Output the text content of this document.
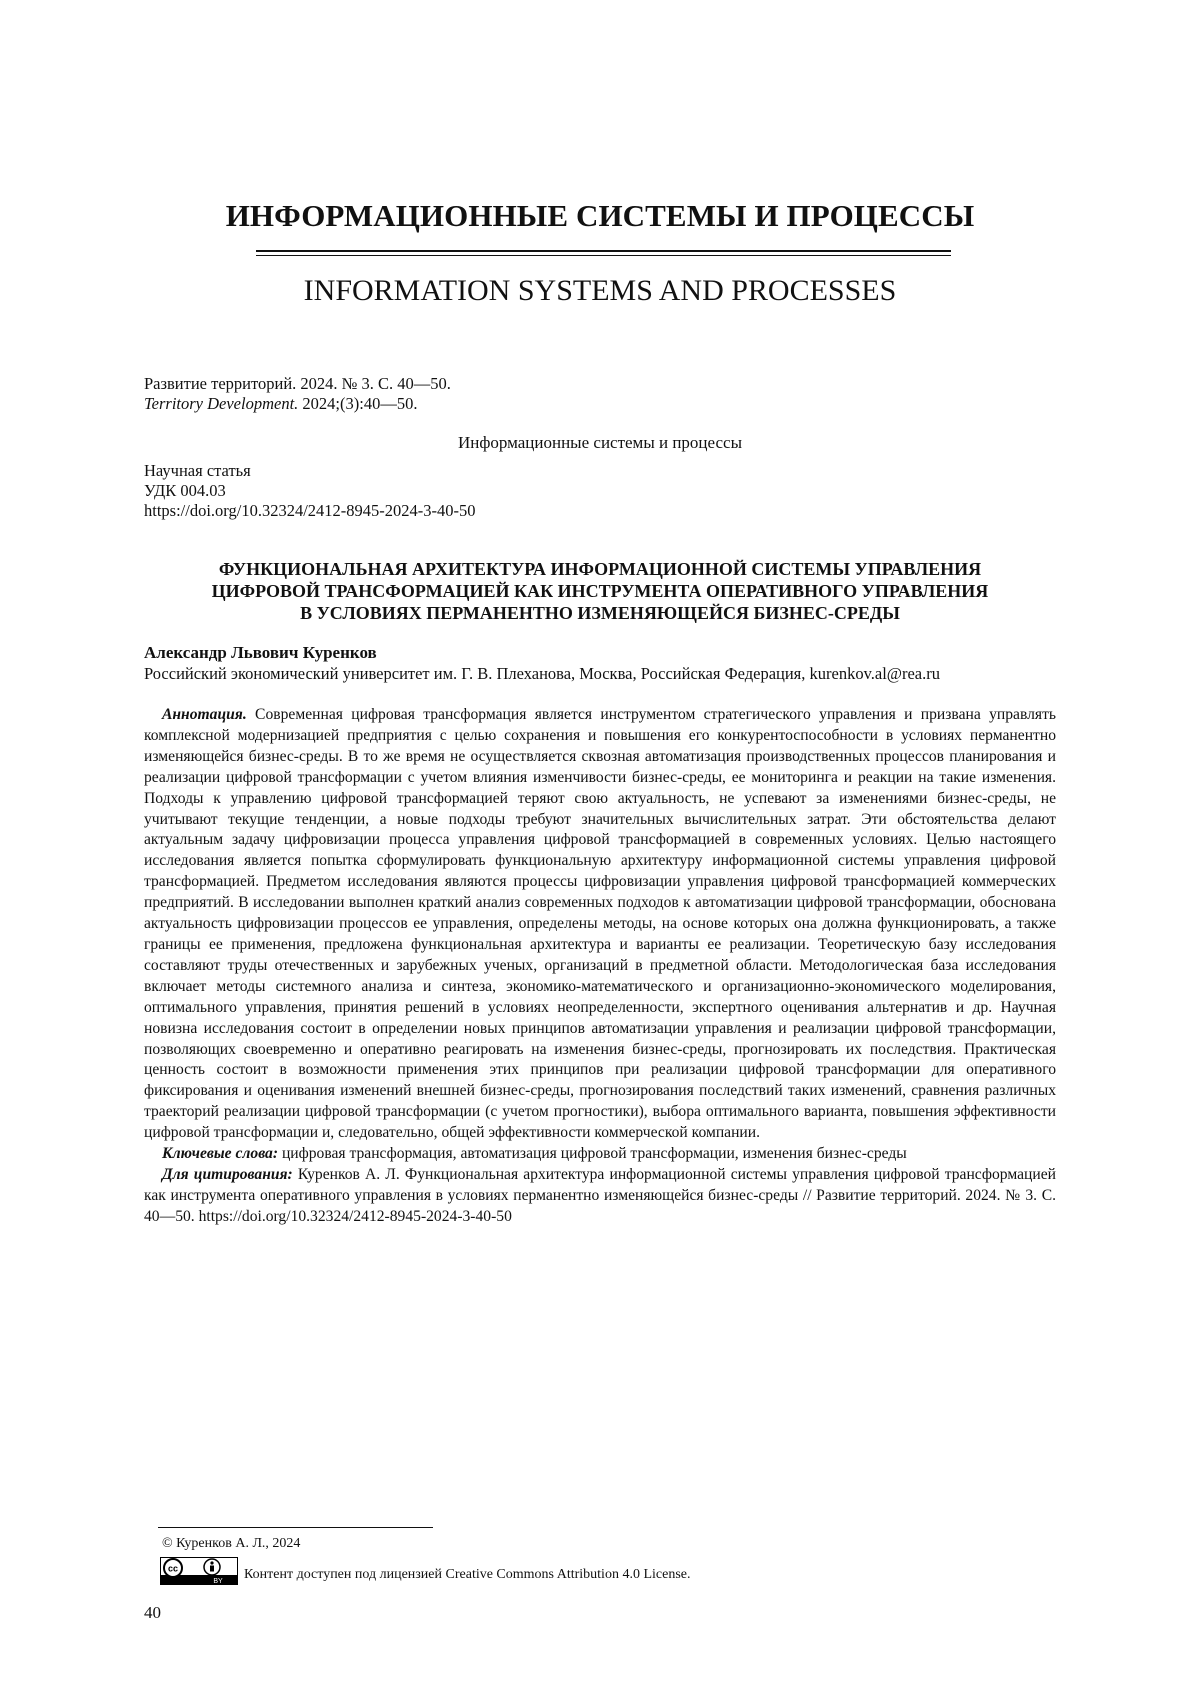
ИНФОРМАЦИОННЫЕ СИСТЕМЫ И ПРОЦЕССЫ
INFORMATION SYSTEMS AND PROCESSES
Развитие территорий. 2024. № 3. С. 40—50.
Territory Development. 2024;(3):40—50.
Информационные системы и процессы
Научная статья
УДК 004.03
https://doi.org/10.32324/2412-8945-2024-3-40-50
ФУНКЦИОНАЛЬНАЯ АРХИТЕКТУРА ИНФОРМАЦИОННОЙ СИСТЕМЫ УПРАВЛЕНИЯ
ЦИФРОВОЙ ТРАНСФОРМАЦИЕЙ КАК ИНСТРУМЕНТА ОПЕРАТИВНОГО УПРАВЛЕНИЯ
В УСЛОВИЯХ ПЕРМАНЕНТНО ИЗМЕНЯЮЩЕЙСЯ БИЗНЕС-СРЕДЫ
Александр Львович Куренков
Российский экономический университет им. Г. В. Плеханова, Москва, Российская Федерация, kurenkov.al@rea.ru
Аннотация. Современная цифровая трансформация является инструментом стратегического управления и призвана управлять комплексной модернизацией предприятия с целью сохранения и повышения его конкурентоспособности в условиях перманентно изменяющейся бизнес-среды. В то же время не осуществляется сквозная автоматизация производственных процессов планирования и реализации цифровой трансформации с учетом влияния изменчивости бизнес-среды, ее мониторинга и реакции на такие изменения. Подходы к управлению цифровой трансформацией теряют свою актуальность, не успевают за изменениями бизнес-среды, не учитывают текущие тенденции, а новые подходы требуют значительных вычислительных затрат. Эти обстоятельства делают актуальным задачу цифровизации процесса управления цифровой трансформацией в современных условиях. Целью настоящего исследования является попытка сформулировать функциональную архитектуру информационной системы управления цифровой трансформацией. Предметом исследования являются процессы цифровизации управления цифровой трансформацией коммерческих предприятий. В исследовании выполнен краткий анализ современных подходов к автоматизации цифровой трансформации, обоснована актуальность цифровизации процессов ее управления, определены методы, на основе которых она должна функционировать, а также границы ее применения, предложена функциональная архитектура и варианты ее реализации. Теоретическую базу исследования составляют труды отечественных и зарубежных ученых, организаций в предметной области. Методологическая база исследования включает методы системного анализа и синтеза, экономико-математического и организационно-экономического моделирования, оптимального управления, принятия решений в условиях неопределенности, экспертного оценивания альтернатив и др. Научная новизна исследования состоит в определении новых принципов автоматизации управления и реализации цифровой трансформации, позволяющих своевременно и оперативно реагировать на изменения бизнес-среды, прогнозировать их последствия. Практическая ценность состоит в возможности применения этих принципов при реализации цифровой трансформации для оперативного фиксирования и оценивания изменений внешней бизнес-среды, прогнозирования последствий таких изменений, сравнения различных траекторий реализации цифровой трансформации (с учетом прогностики), выбора оптимального варианта, повышения эффективности цифровой трансформации и, следовательно, общей эффективности коммерческой компании.
Ключевые слова: цифровая трансформация, автоматизация цифровой трансформации, изменения бизнес-среды
Для цитирования: Куренков А. Л. Функциональная архитектура информационной системы управления цифровой трансформацией как инструмента оперативного управления в условиях перманентно изменяющейся бизнес-среды // Развитие территорий. 2024. № 3. С. 40—50. https://doi.org/10.32324/2412-8945-2024-3-40-50
© Куренков А. Л., 2024
cc
BY Контент доступен под лицензией Creative Commons Attribution 4.0 License.
40
